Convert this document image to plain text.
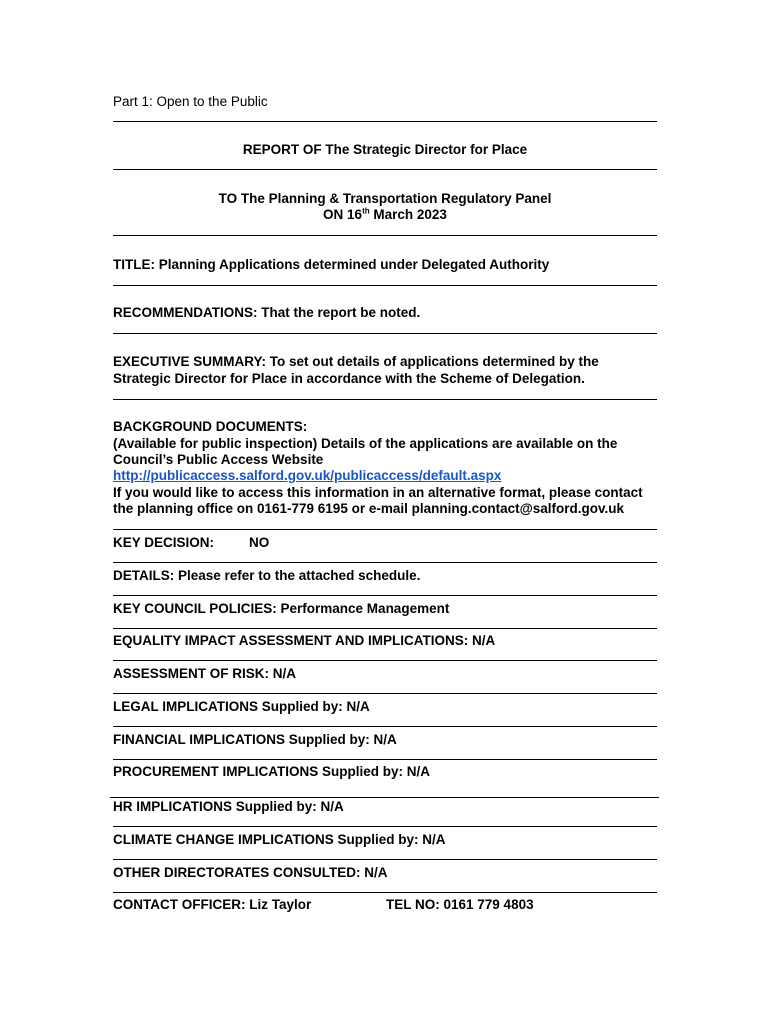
Part 1: Open to the Public
REPORT OF The Strategic Director for Place
TO The Planning & Transportation Regulatory Panel
ON 16th March 2023
TITLE: Planning Applications determined under Delegated Authority
RECOMMENDATIONS: That the report be noted.
EXECUTIVE SUMMARY: To set out details of applications determined by the
Strategic Director for Place in accordance with the Scheme of Delegation.
BACKGROUND DOCUMENTS:
(Available for public inspection) Details of the applications are available on the
Council’s Public Access Website
http://publicaccess.salford.gov.uk/publicaccess/default.aspx
If you would like to access this information in an alternative format, please contact
the planning office on 0161-779 6195 or e-mail planning.contact@salford.gov.uk
KEY DECISION:	NO
DETAILS: Please refer to the attached schedule.
KEY COUNCIL POLICIES: Performance Management
EQUALITY IMPACT ASSESSMENT AND IMPLICATIONS: N/A
ASSESSMENT OF RISK: N/A
LEGAL IMPLICATIONS Supplied by: N/A
FINANCIAL IMPLICATIONS Supplied by: N/A
PROCUREMENT IMPLICATIONS Supplied by: N/A
HR IMPLICATIONS Supplied by: N/A
CLIMATE CHANGE IMPLICATIONS Supplied by: N/A
OTHER DIRECTORATES CONSULTED: N/A
CONTACT OFFICER: Liz Taylor	TEL NO: 0161 779 4803
